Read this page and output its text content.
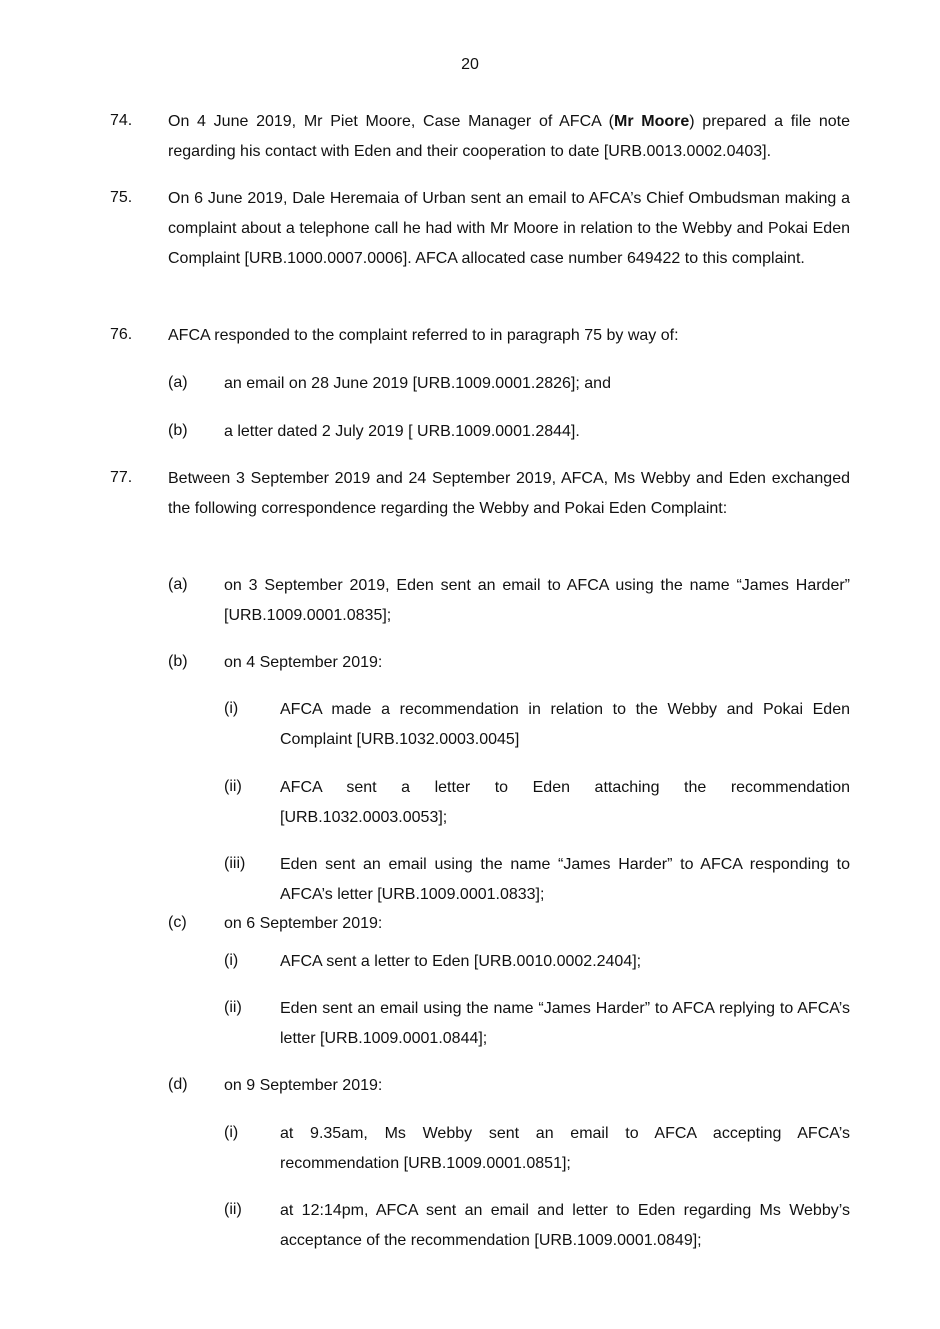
20
74. On 4 June 2019, Mr Piet Moore, Case Manager of AFCA (Mr Moore) prepared a file note
regarding his contact with Eden and their cooperation to date [URB.0013.0002.0403].
75. On 6 June 2019, Dale Heremaia of Urban sent an email to AFCA’s Chief Ombudsman making a complaint about a telephone call he had with Mr Moore in relation to the Webby and Pokai Eden Complaint [URB.1000.0007.0006]. AFCA allocated case number 649422 to this complaint.
76. AFCA responded to the complaint referred to in paragraph 75 by way of:
(a) an email on 28 June 2019 [URB.1009.0001.2826]; and
(b) a letter dated 2 July 2019 [ URB.1009.0001.2844].
77. Between 3 September 2019 and 24 September 2019, AFCA, Ms Webby and Eden exchanged the following correspondence regarding the Webby and Pokai Eden Complaint:
(a) on 3 September 2019, Eden sent an email to AFCA using the name “James Harder” [URB.1009.0001.0835];
(b) on 4 September 2019:
(i)	AFCA made a recommendation in relation to the Webby and Pokai Eden Complaint [URB.1032.0003.0045]
(ii) AFCA sent a letter to Eden attaching the recommendation [URB.1032.0003.0053];
(iii) Eden sent an email using the name “James Harder” to AFCA responding to AFCA’s letter [URB.1009.0001.0833];
(c) on 6 September 2019:
(i)	AFCA sent a letter to Eden [URB.0010.0002.2404];
(ii) Eden sent an email using the name “James Harder” to AFCA replying to AFCA’s letter [URB.1009.0001.0844];
(d) on 9 September 2019:
(i)	at 9.35am, Ms Webby sent an email to AFCA accepting AFCA’s recommendation [URB.1009.0001.0851];
(ii) at 12:14pm, AFCA sent an email and letter to Eden regarding Ms Webby’s acceptance of the recommendation [URB.1009.0001.0849];
